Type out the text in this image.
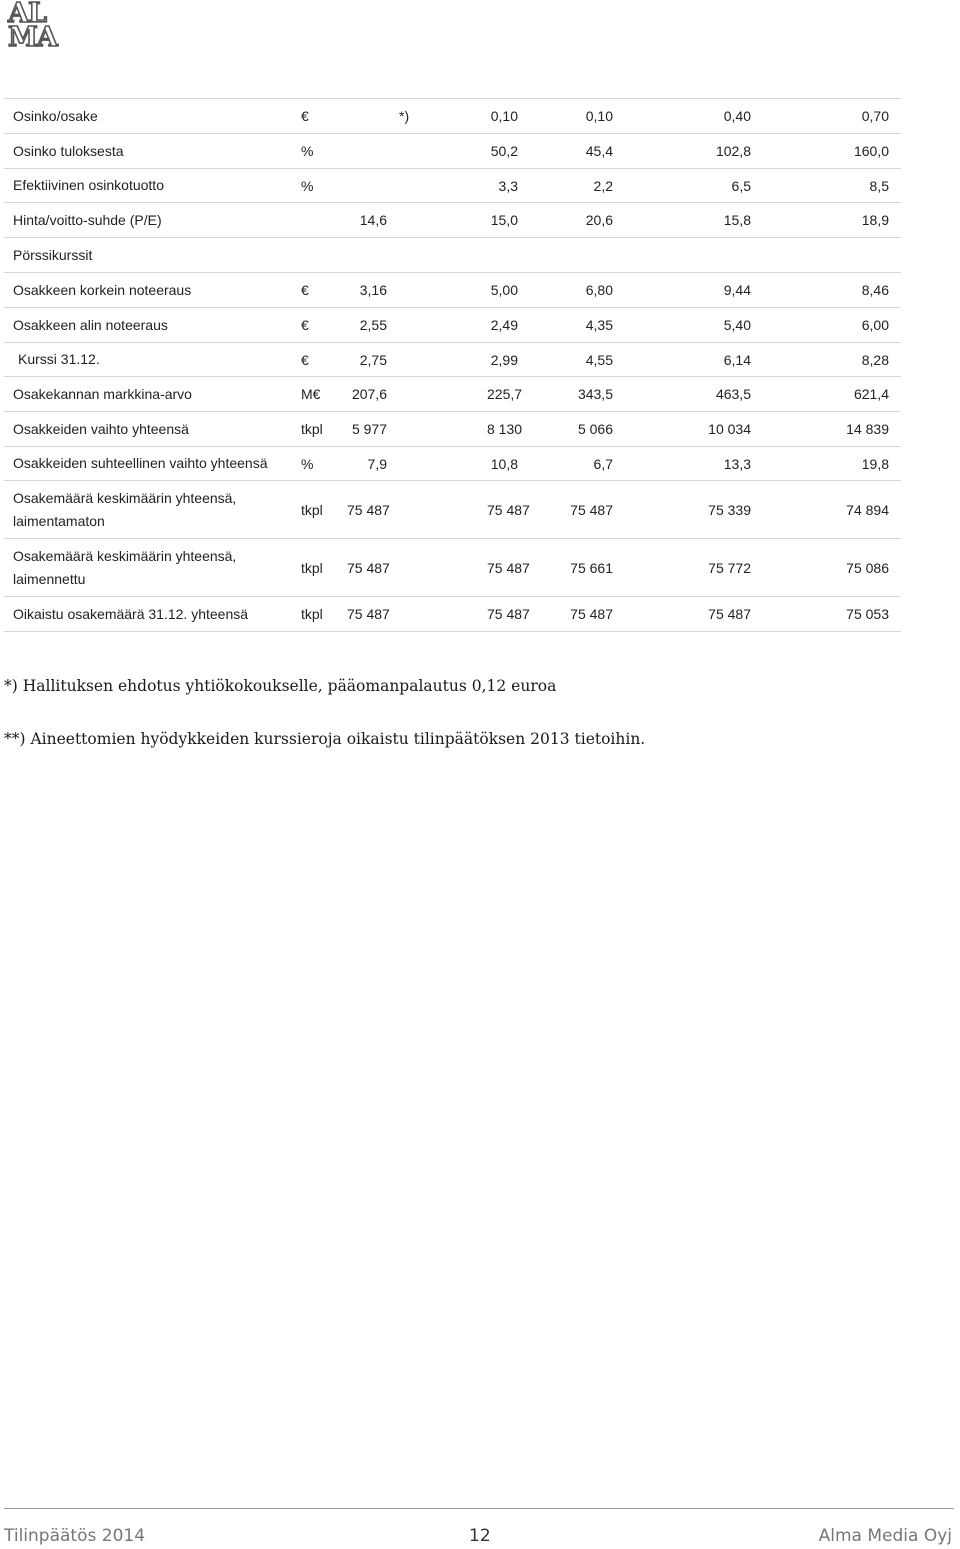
AL
MA
Osinko/osake	€		*)	0,10	0,10	0,40	0,70
Osinko tuloksesta	%			50,2	45,4	102,8	160,0
Efektiivinen osinkotuotto	%			3,3	2,2	6,5	8,5
Hinta/voitto-suhde (P/E)		14,6		15,0	20,6	15,8	18,9
Pörssikurssit							
Osakkeen korkein noteeraus	€	3,16		5,00	6,80	9,44	8,46
Osakkeen alin noteeraus	€	2,55		2,49	4,35	5,40	6,00
Kurssi 31.12.	€	2,75		2,99	4,55	6,14	8,28
Osakekannan markkina-arvo	M€	207,6		225,7	343,5	463,5	621,4
Osakkeiden vaihto yhteensä	tkpl	5 977		8 130	5 066	10 034	14 839
Osakkeiden suhteellinen vaihto yhteensä	%	7,9		10,8	6,7	13,3	19,8
Osakemäärä keskimäärin yhteensä, laimentamaton	tkpl	75 487		75 487	75 487	75 339	74 894
Osakemäärä keskimäärin yhteensä, laimennettu	tkpl	75 487		75 487	75 661	75 772	75 086
Oikaistu osakemäärä 31.12. yhteensä	tkpl	75 487		75 487	75 487	75 487	75 053
*) Hallituksen ehdotus yhtiökokoukselle, pääomanpalautus 0,12 euroa
**) Aineettomien hyödykkeiden kurssieroja oikaistu tilinpäätöksen 2013 tietoihin.
Tilinpäätös 2014	12	Alma Media Oyj
